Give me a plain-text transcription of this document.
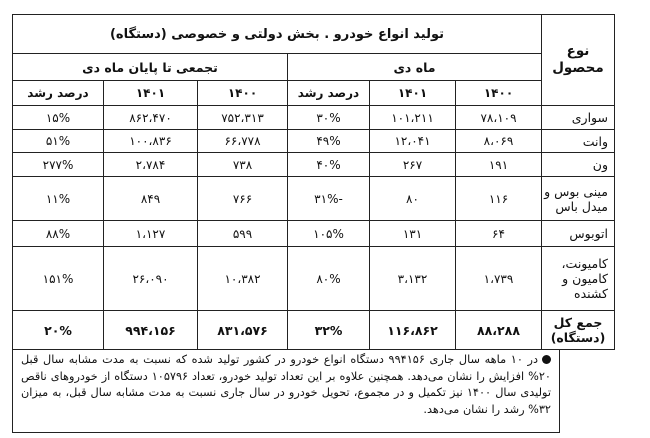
نوع محصول	تولید انواع خودرو . بخش دولتی و خصوصی (دستگاه)					
	ماه دی			تجمعی تا پایان ماه دی		
	۱۴۰۰	۱۴۰۱	درصد رشد	۱۴۰۰	۱۴۰۱	درصد رشد
سواری	۷۸،۱۰۹	۱۰۱،۲۱۱	۳۰%	۷۵۲،۳۱۳	۸۶۲،۴۷۰	۱۵%
وانت	۸،۰۶۹	۱۲،۰۴۱	۴۹%	۶۶،۷۷۸	۱۰۰،۸۳۶	۵۱%
ون	۱۹۱	۲۶۷	۴۰%	۷۳۸	۲،۷۸۴	۲۷۷%
مینی بوس و میدل باس	۱۱۶	۸۰	-۳۱%	۷۶۶	۸۴۹	۱۱%
اتوبوس	۶۴	۱۳۱	۱۰۵%	۵۹۹	۱،۱۲۷	۸۸%
کامیونت، کامیون و کشنده	۱،۷۳۹	۳،۱۳۲	۸۰%	۱۰،۳۸۲	۲۶،۰۹۰	۱۵۱%
جمع کل (دستگاه)	۸۸،۲۸۸	۱۱۶،۸۶۲	۳۲%	۸۳۱،۵۷۶	۹۹۴،۱۵۶	۲۰%
در ۱۰ ماهه سال جاری ۹۹۴۱۵۶ دستگاه انواع خودرو در کشور تولید شده که نسبت به مدت مشابه سال قبل ۲۰% افزایش را نشان می‌دهد. همچنین علاوه بر این تعداد تولید خودرو، تعداد ۱۰۵۷۹۶ دستگاه از خودروهای ناقص تولیدی سال ۱۴۰۰ نیز تکمیل و در مجموع، تحویل خودرو در سال جاری نسبت به مدت مشابه سال قبل، به میزان ۳۲% رشد را نشان می‌دهد.
